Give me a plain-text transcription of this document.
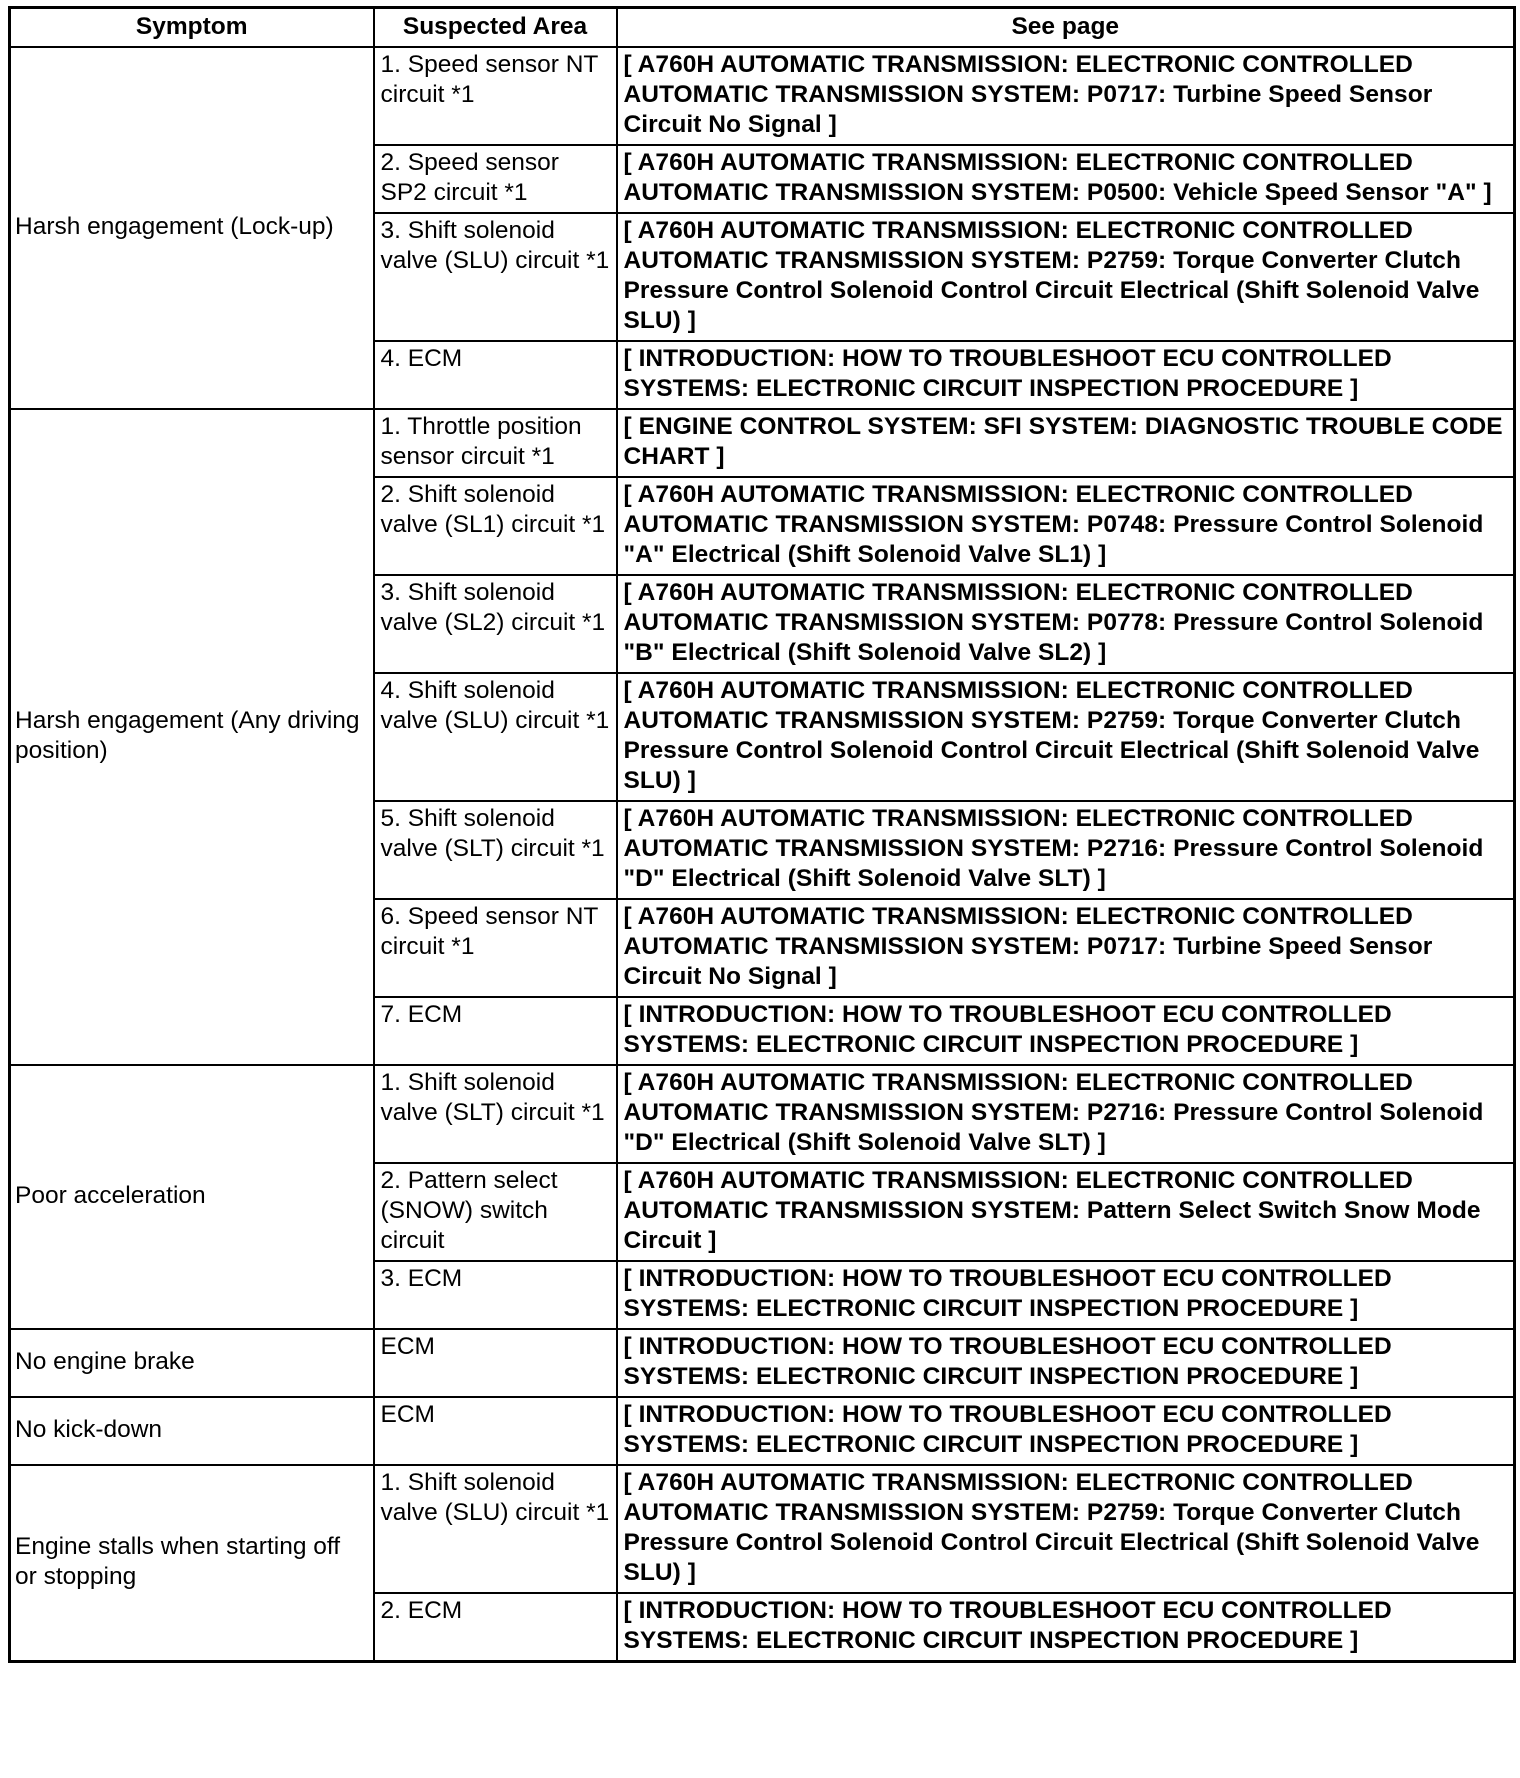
Symptom	Suspected Area	See page
Harsh engagement (Lock-up)	1. Speed sensor NT circuit *1	[ A760H AUTOMATIC TRANSMISSION: ELECTRONIC CONTROLLED AUTOMATIC TRANSMISSION SYSTEM: P0717: Turbine Speed Sensor Circuit No Signal ]
	2. Speed sensor SP2 circuit *1	[ A760H AUTOMATIC TRANSMISSION: ELECTRONIC CONTROLLED AUTOMATIC TRANSMISSION SYSTEM: P0500: Vehicle Speed Sensor "A" ]
	3. Shift solenoid valve (SLU) circuit *1	[ A760H AUTOMATIC TRANSMISSION: ELECTRONIC CONTROLLED AUTOMATIC TRANSMISSION SYSTEM: P2759: Torque Converter Clutch Pressure Control Solenoid Control Circuit Electrical (Shift Solenoid Valve SLU) ]
	4. ECM	[ INTRODUCTION: HOW TO TROUBLESHOOT ECU CONTROLLED SYSTEMS: ELECTRONIC CIRCUIT INSPECTION PROCEDURE ]
Harsh engagement (Any driving position)	1. Throttle position sensor circuit *1	[ ENGINE CONTROL SYSTEM: SFI SYSTEM: DIAGNOSTIC TROUBLE CODE CHART ]
	2. Shift solenoid valve (SL1) circuit *1	[ A760H AUTOMATIC TRANSMISSION: ELECTRONIC CONTROLLED AUTOMATIC TRANSMISSION SYSTEM: P0748: Pressure Control Solenoid "A" Electrical (Shift Solenoid Valve SL1) ]
	3. Shift solenoid valve (SL2) circuit *1	[ A760H AUTOMATIC TRANSMISSION: ELECTRONIC CONTROLLED AUTOMATIC TRANSMISSION SYSTEM: P0778: Pressure Control Solenoid "B" Electrical (Shift Solenoid Valve SL2) ]
	4. Shift solenoid valve (SLU) circuit *1	[ A760H AUTOMATIC TRANSMISSION: ELECTRONIC CONTROLLED AUTOMATIC TRANSMISSION SYSTEM: P2759: Torque Converter Clutch Pressure Control Solenoid Control Circuit Electrical (Shift Solenoid Valve SLU) ]
	5. Shift solenoid valve (SLT) circuit *1	[ A760H AUTOMATIC TRANSMISSION: ELECTRONIC CONTROLLED AUTOMATIC TRANSMISSION SYSTEM: P2716: Pressure Control Solenoid "D" Electrical (Shift Solenoid Valve SLT) ]
	6. Speed sensor NT circuit *1	[ A760H AUTOMATIC TRANSMISSION: ELECTRONIC CONTROLLED AUTOMATIC TRANSMISSION SYSTEM: P0717: Turbine Speed Sensor Circuit No Signal ]
	7. ECM	[ INTRODUCTION: HOW TO TROUBLESHOOT ECU CONTROLLED SYSTEMS: ELECTRONIC CIRCUIT INSPECTION PROCEDURE ]
Poor acceleration	1. Shift solenoid valve (SLT) circuit *1	[ A760H AUTOMATIC TRANSMISSION: ELECTRONIC CONTROLLED AUTOMATIC TRANSMISSION SYSTEM: P2716: Pressure Control Solenoid "D" Electrical (Shift Solenoid Valve SLT) ]
	2. Pattern select (SNOW) switch circuit	[ A760H AUTOMATIC TRANSMISSION: ELECTRONIC CONTROLLED AUTOMATIC TRANSMISSION SYSTEM: Pattern Select Switch Snow Mode Circuit ]
	3. ECM	[ INTRODUCTION: HOW TO TROUBLESHOOT ECU CONTROLLED SYSTEMS: ELECTRONIC CIRCUIT INSPECTION PROCEDURE ]
No engine brake	ECM	[ INTRODUCTION: HOW TO TROUBLESHOOT ECU CONTROLLED SYSTEMS: ELECTRONIC CIRCUIT INSPECTION PROCEDURE ]
No kick-down	ECM	[ INTRODUCTION: HOW TO TROUBLESHOOT ECU CONTROLLED SYSTEMS: ELECTRONIC CIRCUIT INSPECTION PROCEDURE ]
Engine stalls when starting off or stopping	1. Shift solenoid valve (SLU) circuit *1	[ A760H AUTOMATIC TRANSMISSION: ELECTRONIC CONTROLLED AUTOMATIC TRANSMISSION SYSTEM: P2759: Torque Converter Clutch Pressure Control Solenoid Control Circuit Electrical (Shift Solenoid Valve SLU) ]
	2. ECM	[ INTRODUCTION: HOW TO TROUBLESHOOT ECU CONTROLLED SYSTEMS: ELECTRONIC CIRCUIT INSPECTION PROCEDURE ]
